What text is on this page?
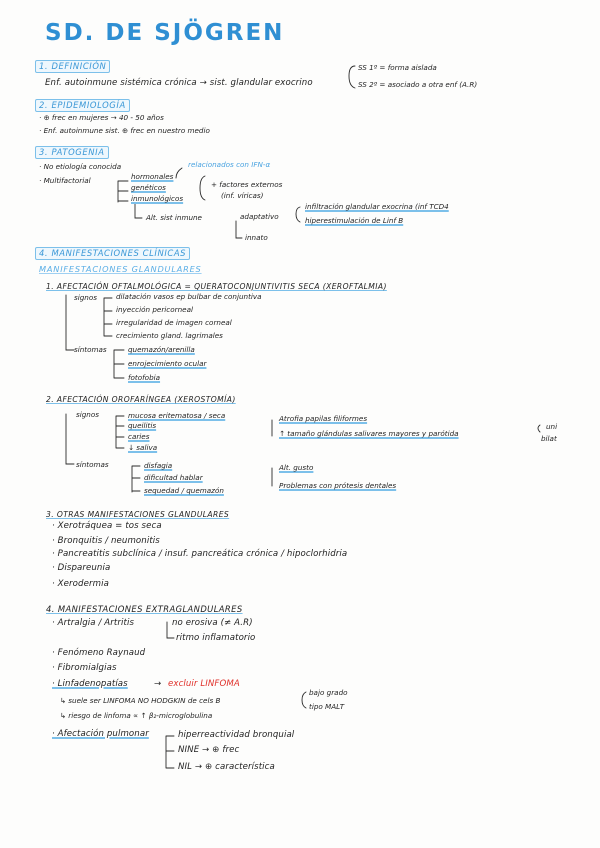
SD. DE SJÖGREN
1. DEFINICIÓN
Enf. autoinmune sistémica crónica → sist. glandular exocrino
SS 1º = forma aislada
SS 2º = asociado a otra enf (A.R)
2. EPIDEMIOLOGÍA
· ⊕ frec en mujeres → 40 - 50 años
· Enf. autoinmune sist. ⊕ frec en nuestro medio
3. PATOGENIA
· No etiología conocida	relacionados con IFN-α
· Multifactorial	hormonales
genéticos
inmunológicos
+ factores externos
(inf. víricas)
Alt. sist inmune	adaptativo
infiltración glandular exocrina (inf TCD4
hiperestimulación de Linf B
innato
4. MANIFESTACIONES CLÍNICAS
MANIFESTACIONES GLANDULARES
1. AFECTACIÓN OFTALMOLÓGICA = QUERATOCONJUNTIVITIS SECA (XEROFTALMIA)
signos	dilatación vasos ep bulbar de conjuntiva
inyección pericorneal
irregularidad de imagen corneal
crecimiento gland. lagrimales
síntomas	quemazón/arenilla
enrojecimiento ocular
fotofobia
2. AFECTACIÓN OROFARÍNGEA (XEROSTOMÍA)
signos	mucosa eritematosa / seca
queilitis
caries
↓ saliva
Atrofia papilas filiformes
↑ tamaño glándulas salivares mayores y parótida
uni
bilat
síntomas	disfagia
dificultad hablar
sequedad / quemazón
Alt. gusto
Problemas con prótesis dentales
3. OTRAS MANIFESTACIONES GLANDULARES
· Xerotráquea = tos seca
· Bronquitis / neumonitis
· Pancreatitis subclínica / insuf. pancreática crónica / hipoclorhidria
· Dispareunia
· Xerodermia
4. MANIFESTACIONES EXTRAGLANDULARES
· Artralgia / Artritis	no erosiva (≠ A.R)
ritmo inflamatorio
· Fenómeno Raynaud
· Fibromialgias
· Linfadenopatías	→ excluir LINFOMA
↳ suele ser LINFOMA NO HODGKIN de cels B
bajo grado
tipo MALT
↳ riesgo de linfoma ∝ ↑ β₂-microglobulina
· Afectación pulmonar	hiperreactividad bronquial
NINE → ⊕ frec
NIL → ⊕ característica
